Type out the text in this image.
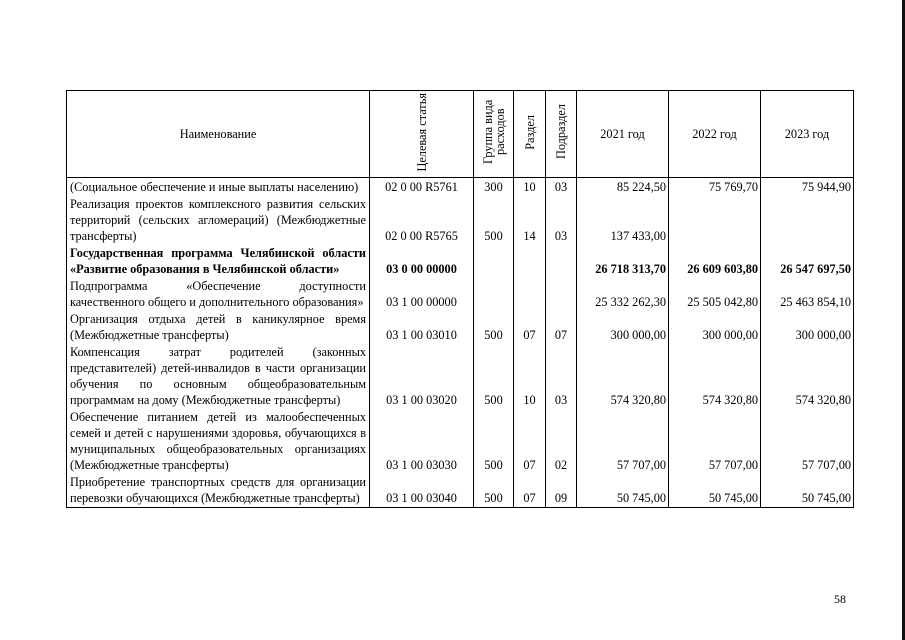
Наименование	Целевая статья	Группа вида расходов	Раздел	Подраздел	2021 год	2022 год	2023 год
(Социальное обеспечение и иные выплаты населению)	02 0 00 R5761	300	10	03	85 224,50	75 769,70	75 944,90
Реализация проектов комплексного развития сельских территорий (сельских агломераций) (Межбюджетные трансферты)	02 0 00 R5765	500	14	03	137 433,00		
Государственная программа Челябинской области «Развитие образования в Челябинской области»	03 0 00 00000				26 718 313,70	26 609 603,80	26 547 697,50
Подпрограмма «Обеспечение доступности качественного общего и дополнительного образования»	03 1 00 00000				25 332 262,30	25 505 042,80	25 463 854,10
Организация отдыха детей в каникулярное время (Межбюджетные трансферты)	03 1 00 03010	500	07	07	300 000,00	300 000,00	300 000,00
Компенсация затрат родителей (законных представителей) детей-инвалидов в части организации обучения по основным общеобразовательным программам на дому (Межбюджетные трансферты)	03 1 00 03020	500	10	03	574 320,80	574 320,80	574 320,80
Обеспечение питанием детей из малообеспеченных семей и детей с нарушениями здоровья, обучающихся в муниципальных общеобразовательных организациях (Межбюджетные трансферты)	03 1 00 03030	500	07	02	57 707,00	57 707,00	57 707,00
Приобретение транспортных средств для организации перевозки обучающихся (Межбюджетные трансферты)	03 1 00 03040	500	07	09	50 745,00	50 745,00	50 745,00
58
